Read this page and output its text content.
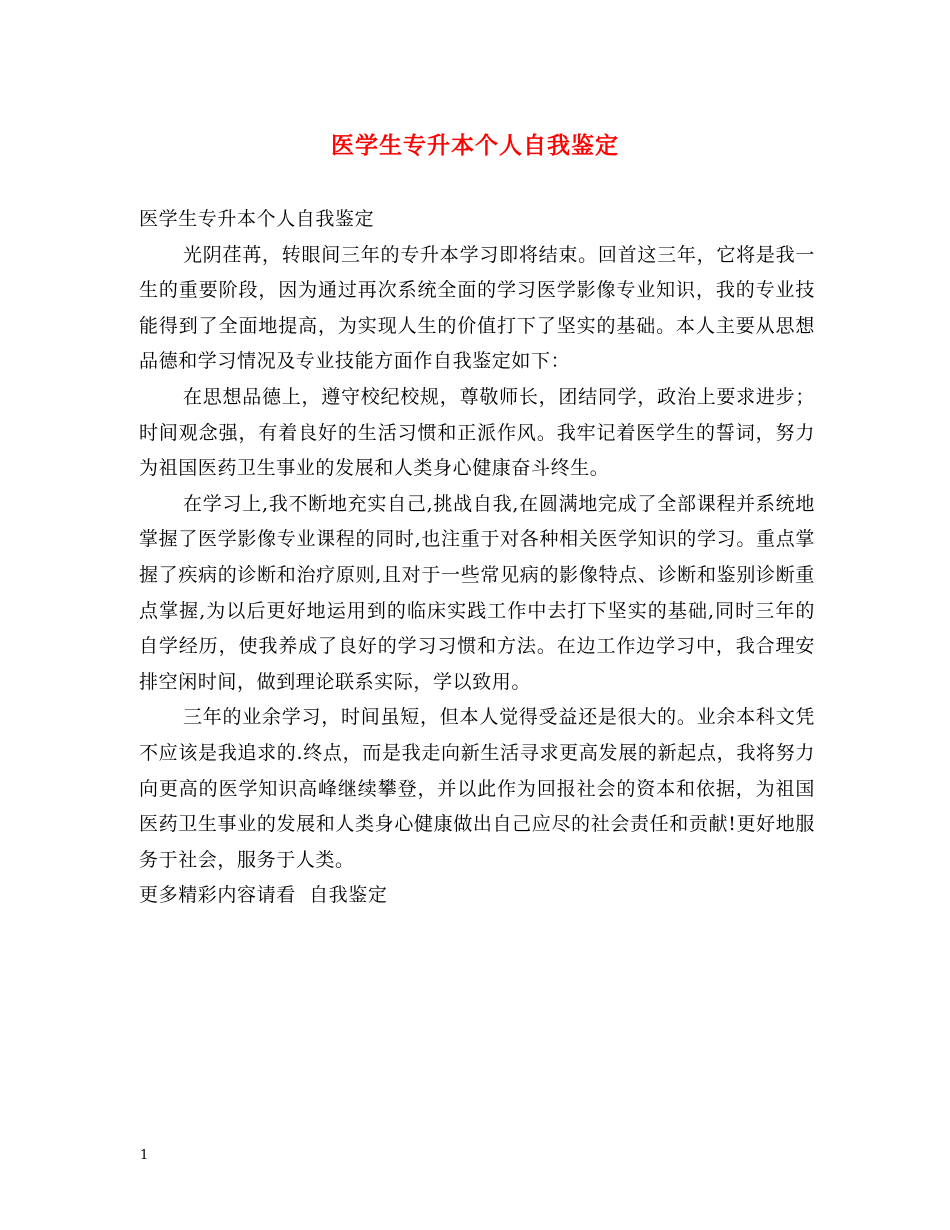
医学生专升本个人自我鉴定

医学生专升本个人自我鉴定

光阴荏苒，转眼间三年的专升本学习即将结束。回首这三年，它将是我一生的重要阶段，因为通过再次系统全面的学习医学影像专业知识，我的专业技能得到了全面地提高，为实现人生的价值打下了坚实的基础。本人主要从思想品德和学习情况及专业技能方面作自我鉴定如下：

在思想品德上，遵守校纪校规，尊敬师长，团结同学，政治上要求进步；时间观念强，有着良好的生活习惯和正派作风。我牢记着医学生的誓词，努力为祖国医药卫生事业的发展和人类身心健康奋斗终生。

在学习上,我不断地充实自己,挑战自我,在圆满地完成了全部课程并系统地掌握了医学影像专业课程的同时,也注重于对各种相关医学知识的学习。重点掌握了疾病的诊断和治疗原则,且对于一些常见病的影像特点、诊断和鉴别诊断重点掌握,为以后更好地运用到的临床实践工作中去打下坚实的基础,同时三年的自学经历，使我养成了良好的学习习惯和方法。在边工作边学习中，我合理安排空闲时间，做到理论联系实际，学以致用。

三年的业余学习，时间虽短，但本人觉得受益还是很大的。业余本科文凭不应该是我追求的.终点，而是我走向新生活寻求更高发展的新起点，我将努力向更高的医学知识高峰继续攀登，并以此作为回报社会的资本和依据，为祖国医药卫生事业的发展和人类身心健康做出自己应尽的社会责任和贡献!更好地服务于社会，服务于人类。

更多精彩内容请看  自我鉴定

1
